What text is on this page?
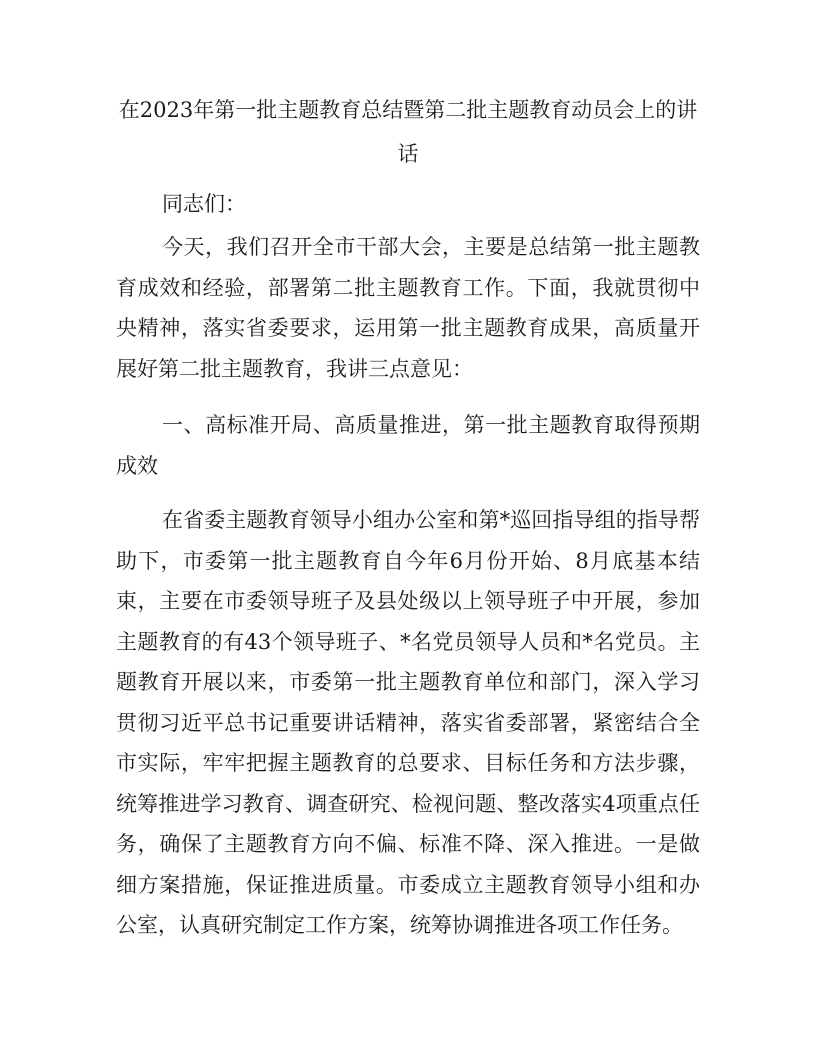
在2023年第一批主题教育总结暨第二批主题教育动员会上的讲话

同志们：

今天，我们召开全市干部大会，主要是总结第一批主题教育成效和经验，部署第二批主题教育工作。下面，我就贯彻中央精神，落实省委要求，运用第一批主题教育成果，高质量开展好第二批主题教育，我讲三点意见：

一、高标准开局、高质量推进，第一批主题教育取得预期成效

在省委主题教育领导小组办公室和第*巡回指导组的指导帮助下，市委第一批主题教育自今年6月份开始、8月底基本结束，主要在市委领导班子及县处级以上领导班子中开展，参加主题教育的有43个领导班子、*名党员领导人员和*名党员。主题教育开展以来，市委第一批主题教育单位和部门，深入学习贯彻习近平总书记重要讲话精神，落实省委部署，紧密结合全市实际，牢牢把握主题教育的总要求、目标任务和方法步骤，统筹推进学习教育、调查研究、检视问题、整改落实4项重点任务，确保了主题教育方向不偏、标准不降、深入推进。一是做细方案措施，保证推进质量。市委成立主题教育领导小组和办公室，认真研究制定工作方案，统筹协调推进各项工作任务。
